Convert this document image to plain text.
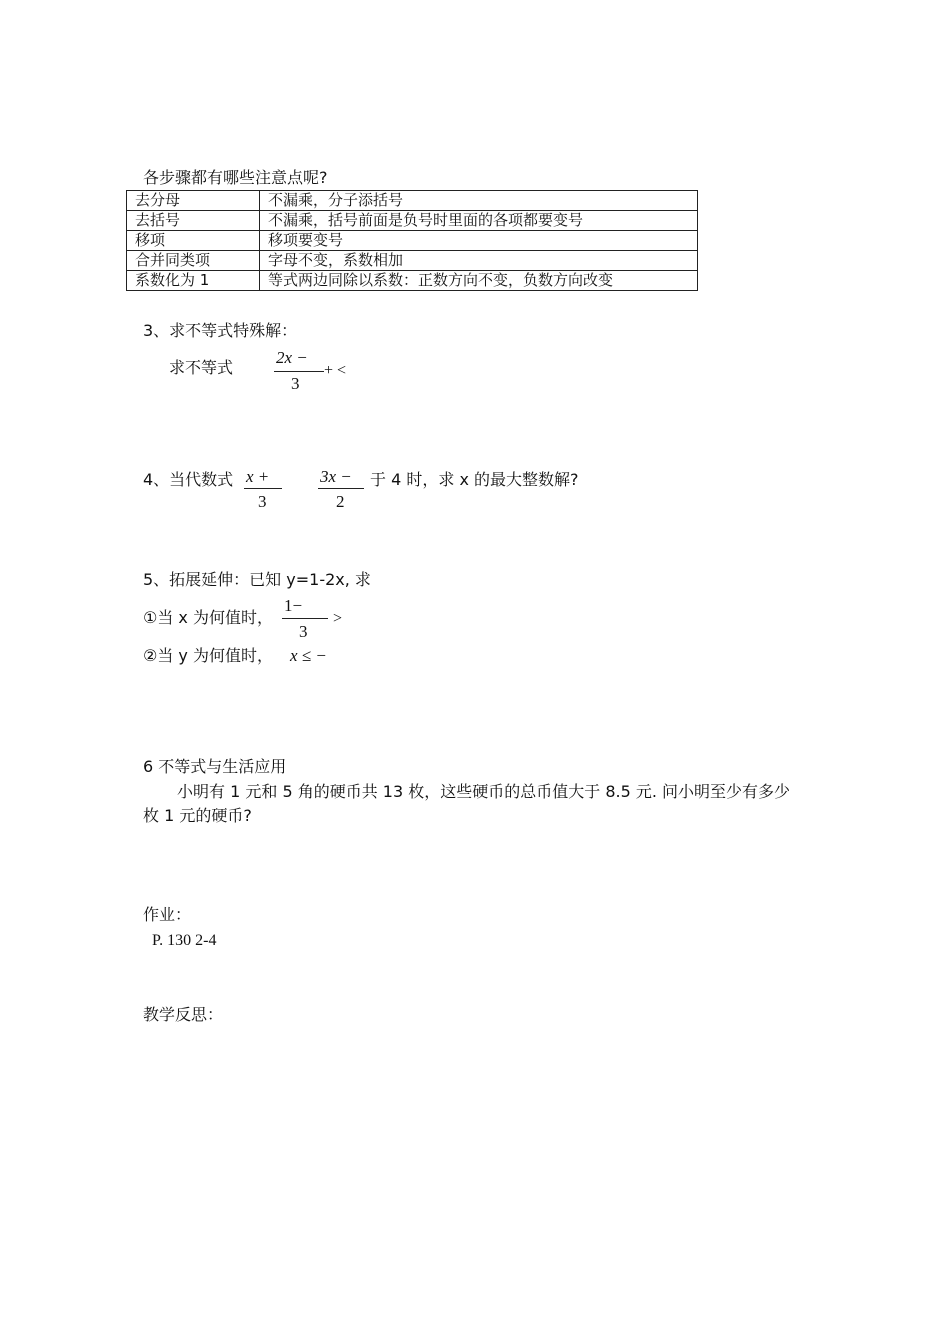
各步骤都有哪些注意点呢?
去分母	不漏乘，分子添括号
去括号	不漏乘，括号前面是负号时里面的各项都要变号
移项	移项要变号
合并同类项	字母不变，系数相加
系数化为 1	等式两边同除以系数：正数方向不变，负数方向改变
3、求不等式特殊解：
求不等式
2x −
3
+ <
4、当代数式 x +
3
3x −
2
于 4 时，求 x 的最大整数解?
5、拓展延伸：已知 y=1-2x, 求
①当 x 为何值时，
1−
3
>
②当 y 为何值时， x ≤ −
6 不等式与生活应用
小明有 1 元和 5 角的硬币共 13 枚，这些硬币的总币值大于 8.5 元. 问小明至少有多少
枚 1 元的硬币?
作业：
P. 130 2-4
教学反思：
